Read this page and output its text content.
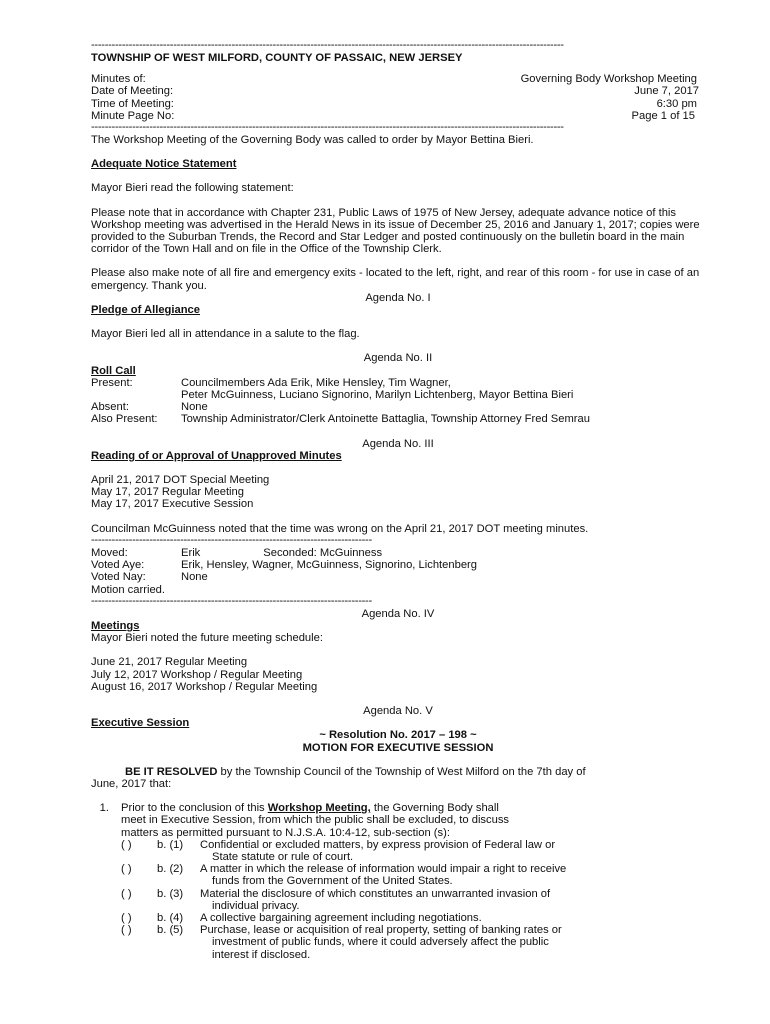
------------------------------------------------------------------------------------------------------------------------------------------
TOWNSHIP OF WEST MILFORD, COUNTY OF PASSAIC, NEW JERSEY
Minutes of:	Governing Body Workshop Meeting
Date of Meeting:	June 7, 2017
Time of Meeting:	6:30 pm
Minute Page No:	Page 1 of 15
------------------------------------------------------------------------------------------------------------------------------------------

The Workshop Meeting of the Governing Body was called to order by Mayor Bettina Bieri.

Adequate Notice Statement

Mayor Bieri read the following statement:

Please note that in accordance with Chapter 231, Public Laws of 1975 of New Jersey, adequate advance notice of this Workshop meeting was advertised in the Herald News in its issue of December 25, 2016 and January 1, 2017; copies were provided to the Suburban Trends, the Record and Star Ledger and posted continuously on the bulletin board in the main corridor of the Town Hall and on file in the Office of the Township Clerk.

Please also make note of all fire and emergency exits - located to the left, right, and rear of this room - for use in case of an emergency. Thank you.

Agenda No. I

Pledge of Allegiance

Mayor Bieri led all in attendance in a salute to the flag.

Agenda No. II

Roll Call

Present:	Councilmembers Ada Erik, Mike Hensley, Tim Wagner,
Peter McGuinness, Luciano Signorino, Marilyn Lichtenberg, Mayor Bettina Bieri
Absent:	None
Also Present:	Township Administrator/Clerk Antoinette Battaglia, Township Attorney Fred Semrau

Agenda No. III

Reading of or Approval of Unapproved Minutes

April 21, 2017 DOT Special Meeting

May 17, 2017 Regular Meeting

May 17, 2017 Executive Session

Councilman McGuinness noted that the time was wrong on the April 21, 2017 DOT meeting minutes.

----------------------------------------------------------------------------------
Moved:	Erik	Seconded: McGuinness
Voted Aye:	Erik, Hensley, Wagner, McGuinness, Signorino, Lichtenberg
Voted Nay:	None

Motion carried.

----------------------------------------------------------------------------------

Agenda No. IV

Meetings

Mayor Bieri noted the future meeting schedule:

June 21, 2017 Regular Meeting

July 12, 2017 Workshop / Regular Meeting

August 16, 2017 Workshop / Regular Meeting

Agenda No. V

Executive Session

~ Resolution No. 2017 – 198 ~

MOTION FOR EXECUTIVE SESSION

BE IT RESOLVED by the Township Council of the Township of West Milford on the 7th day of

June, 2017 that:

1.	Prior to the conclusion of this Workshop Meeting, the Governing Body shall

meet in Executive Session, from which the public shall be excluded, to discuss

matters as permitted pursuant to N.J.S.A. 10:4-12, sub-section (s):

( )	b. (1)	Confidential or excluded matters, by express provision of Federal law or
State statute or rule of court.
( )	b. (2)	A matter in which the release of information would impair a right to receive
funds from the Government of the United States.
( )	b. (3)	Material the disclosure of which constitutes an unwarranted invasion of
individual privacy.
( )	b. (4)	A collective bargaining agreement including negotiations.
( )	b. (5)	Purchase, lease or acquisition of real property, setting of banking rates or
investment of public funds, where it could adversely affect the public
interest if disclosed.
